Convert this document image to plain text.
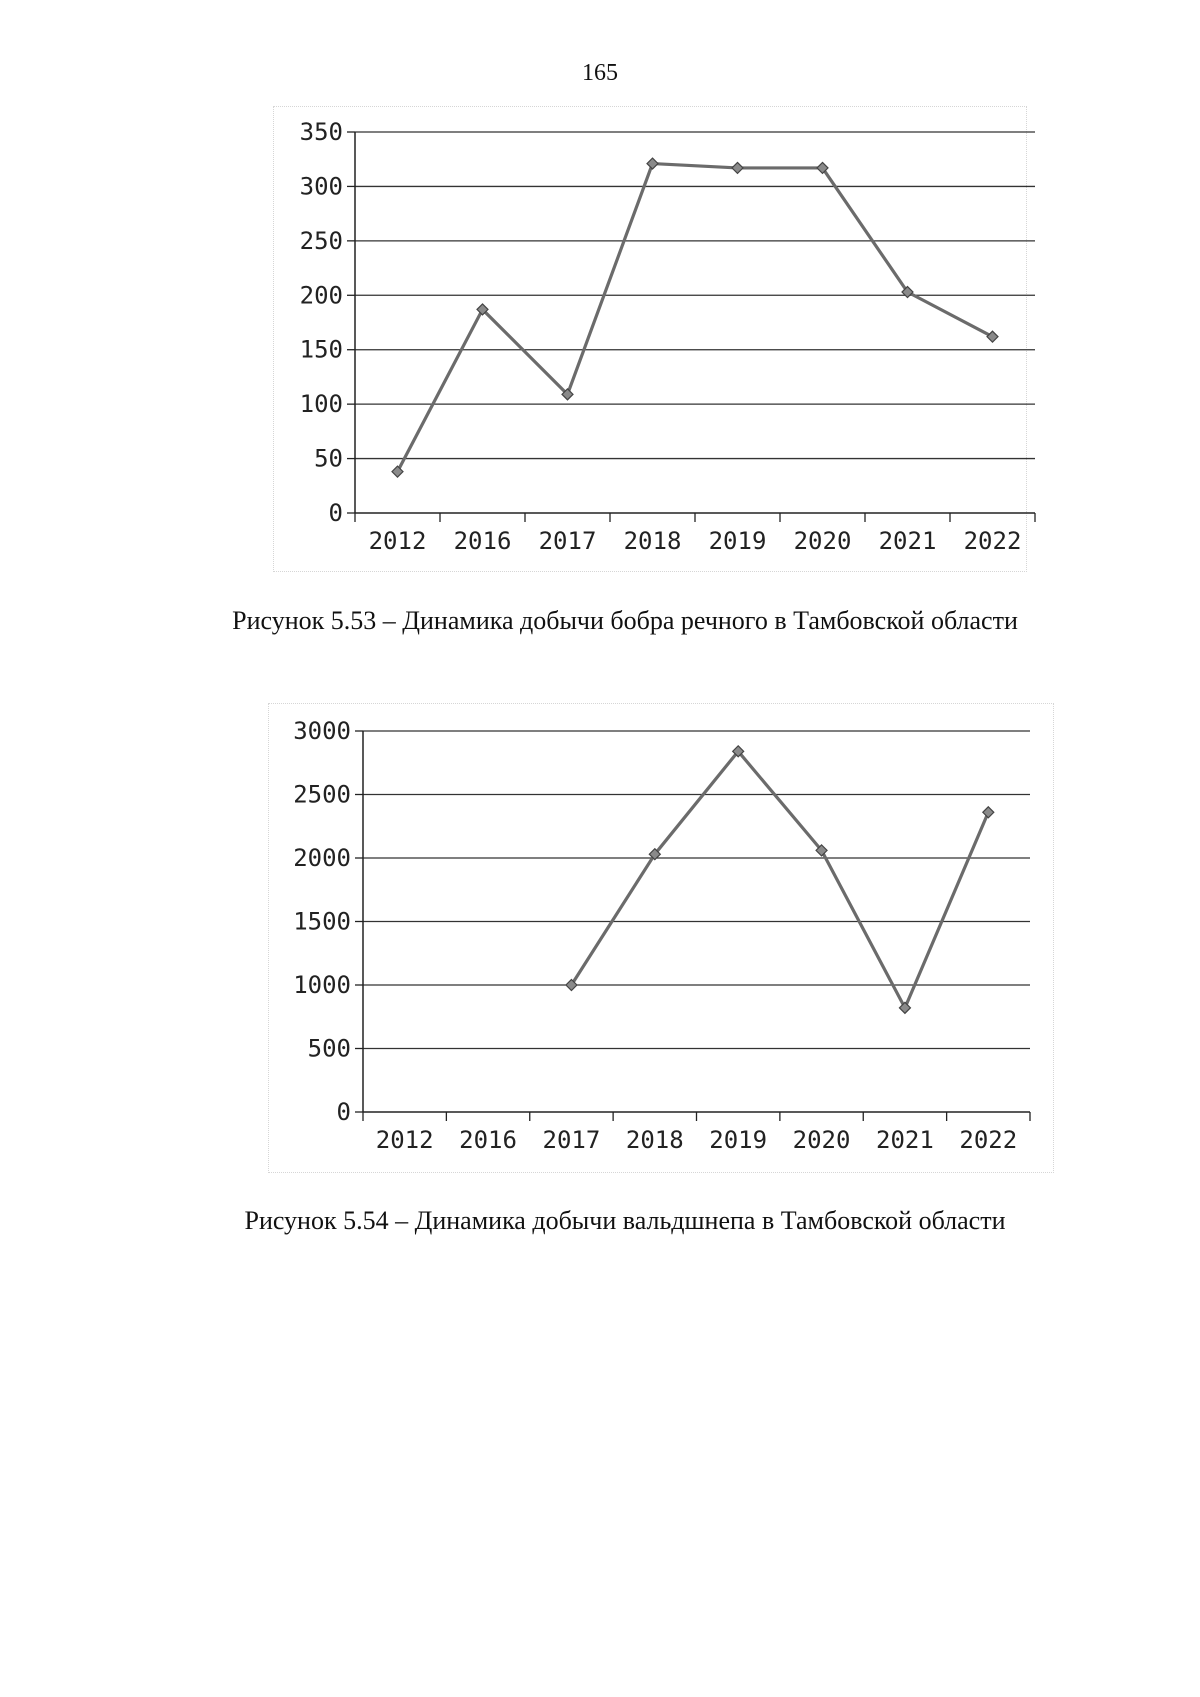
165
0
50
100
150
200
250
300
350
2012 2016 2017 2018 2019 2020 2021 2022
Рисунок 5.53 – Динамика добычи бобра речного в Тамбовской области
0
500
1000
1500
2000
2500
3000
2012 2016 2017 2018 2019 2020 2021 2022
Рисунок 5.54 – Динамика добычи вальдшнепа в Тамбовской области
